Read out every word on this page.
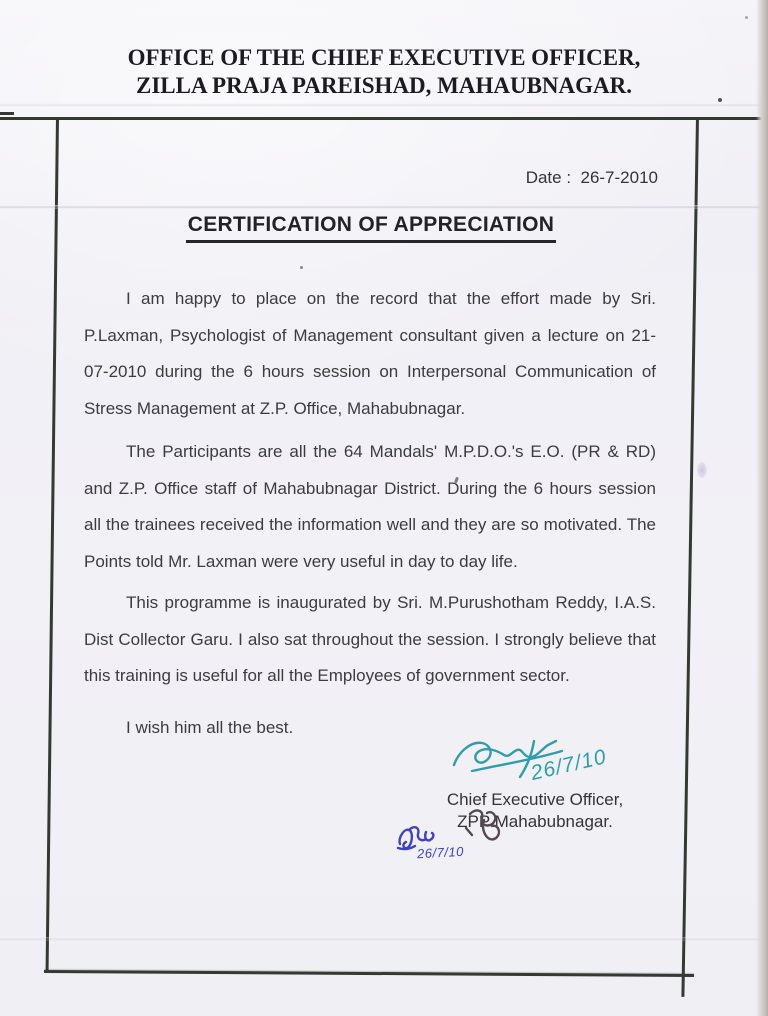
OFFICE OF THE CHIEF EXECUTIVE OFFICER,
ZILLA PRAJA PAREISHAD, MAHAUBNAGAR.
Date :  26-7-2010
CERTIFICATION OF APPRECIATION

I am happy to place on the record that the effort made by Sri. P.Laxman, Psychologist of Management consultant given a lecture on 21-07-2010 during the 6 hours session on Interpersonal Communication of Stress Management at Z.P. Office, Mahabubnagar.

The Participants are all the 64 Mandals' M.P.D.O.'s E.O. (PR & RD) and Z.P. Office staff of Mahabubnagar District. During the 6 hours session all the trainees received the information well and they are so motivated. The Points told Mr. Laxman were very useful in day to day life.

This programme is inaugurated by Sri. M.Purushotham Reddy, I.A.S. Dist Collector Garu. I also sat throughout the session. I strongly believe that this training is useful for all the Employees of government sector.

I wish him all the best.

26/7/10
Chief Executive Officer,
ZPP Mahabubnagar.
26/7/10
